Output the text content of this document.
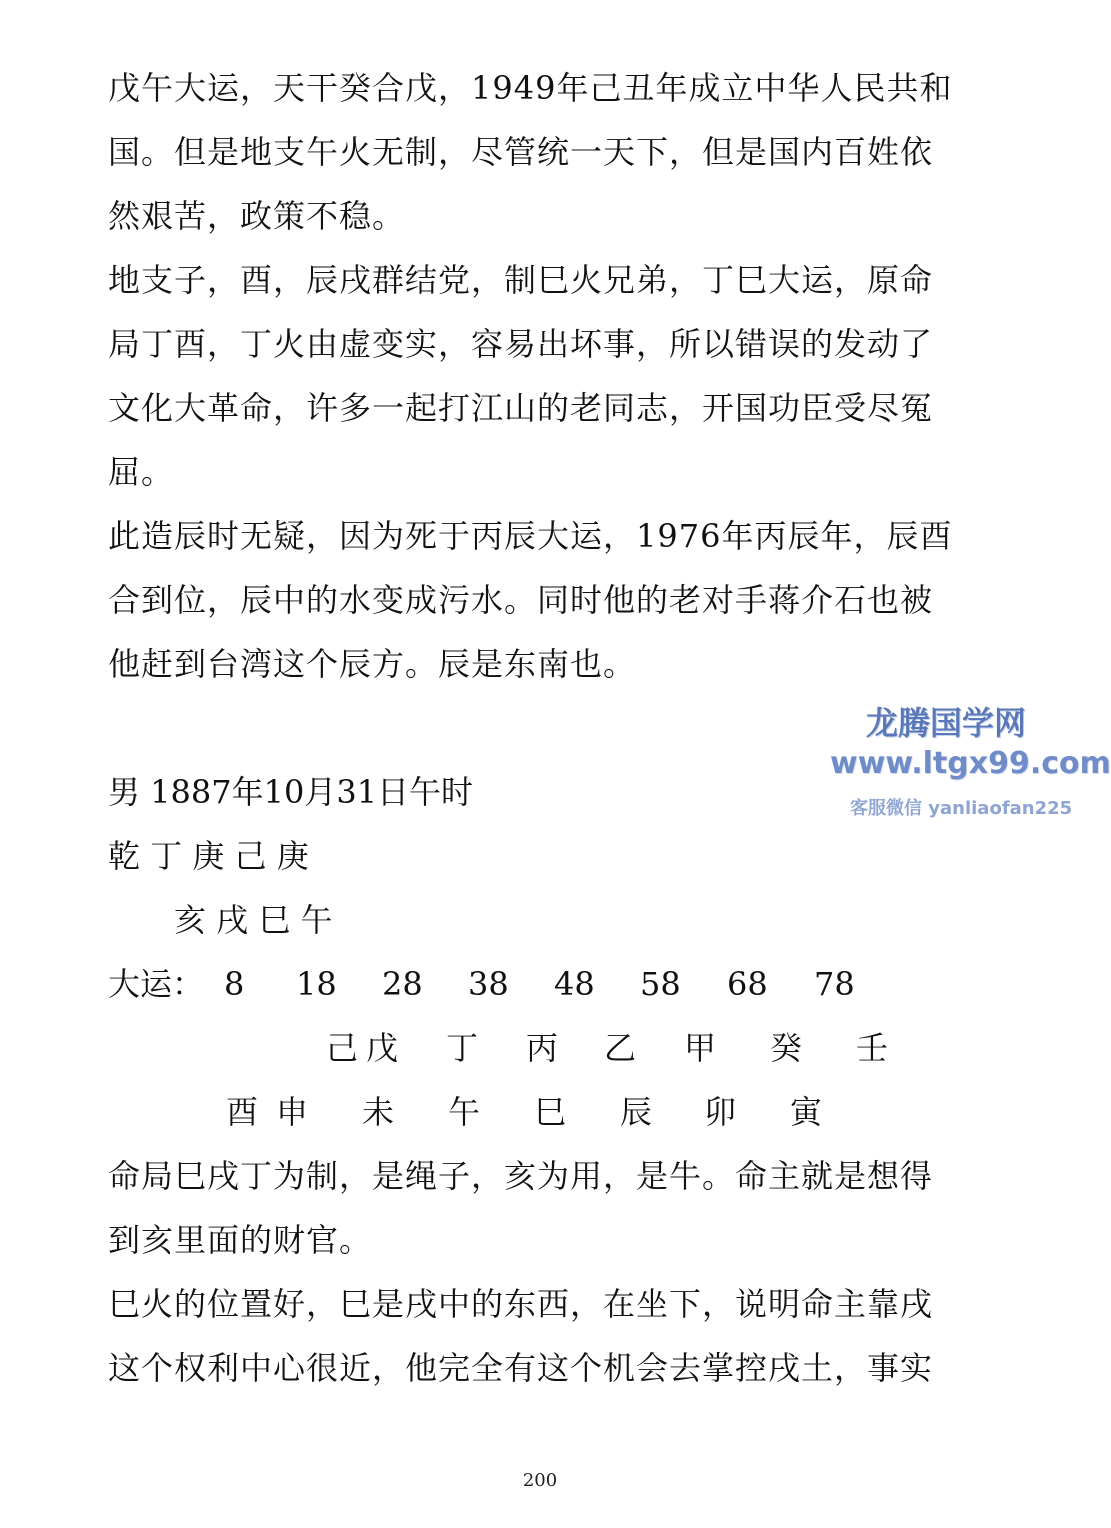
戊午大运，天干癸合戊，1949年己丑年成立中华人民共和
国。但是地支午火无制，尽管统一天下，但是国内百姓依
然艰苦，政策不稳。
地支子，酉，辰戌群结党，制巳火兄弟，丁巳大运，原命
局丁酉，丁火由虚变实，容易出坏事，所以错误的发动了
文化大革命，许多一起打江山的老同志，开国功臣受尽冤
屈。
此造辰时无疑，因为死于丙辰大运，1976年丙辰年，辰酉
合到位，辰中的水变成污水。同时他的老对手蒋介石也被
他赶到台湾这个辰方。辰是东南也。
龙腾国学网
www.ltgx99.com
客服微信 yanliaofan225
男 1887年10月31日午时
乾 丁 庚 己 庚
亥 戌 巳 午
大运： 8 18 28 38 48 58 68 78
己 戊 丁 丙 乙 甲 癸 壬
酉 申 未 午 巳 辰 卯 寅
命局巳戌丁为制，是绳子，亥为用，是牛。命主就是想得
到亥里面的财官。
巳火的位置好，巳是戌中的东西，在坐下，说明命主靠戌
这个权利中心很近，他完全有这个机会去掌控戌土，事实
200
